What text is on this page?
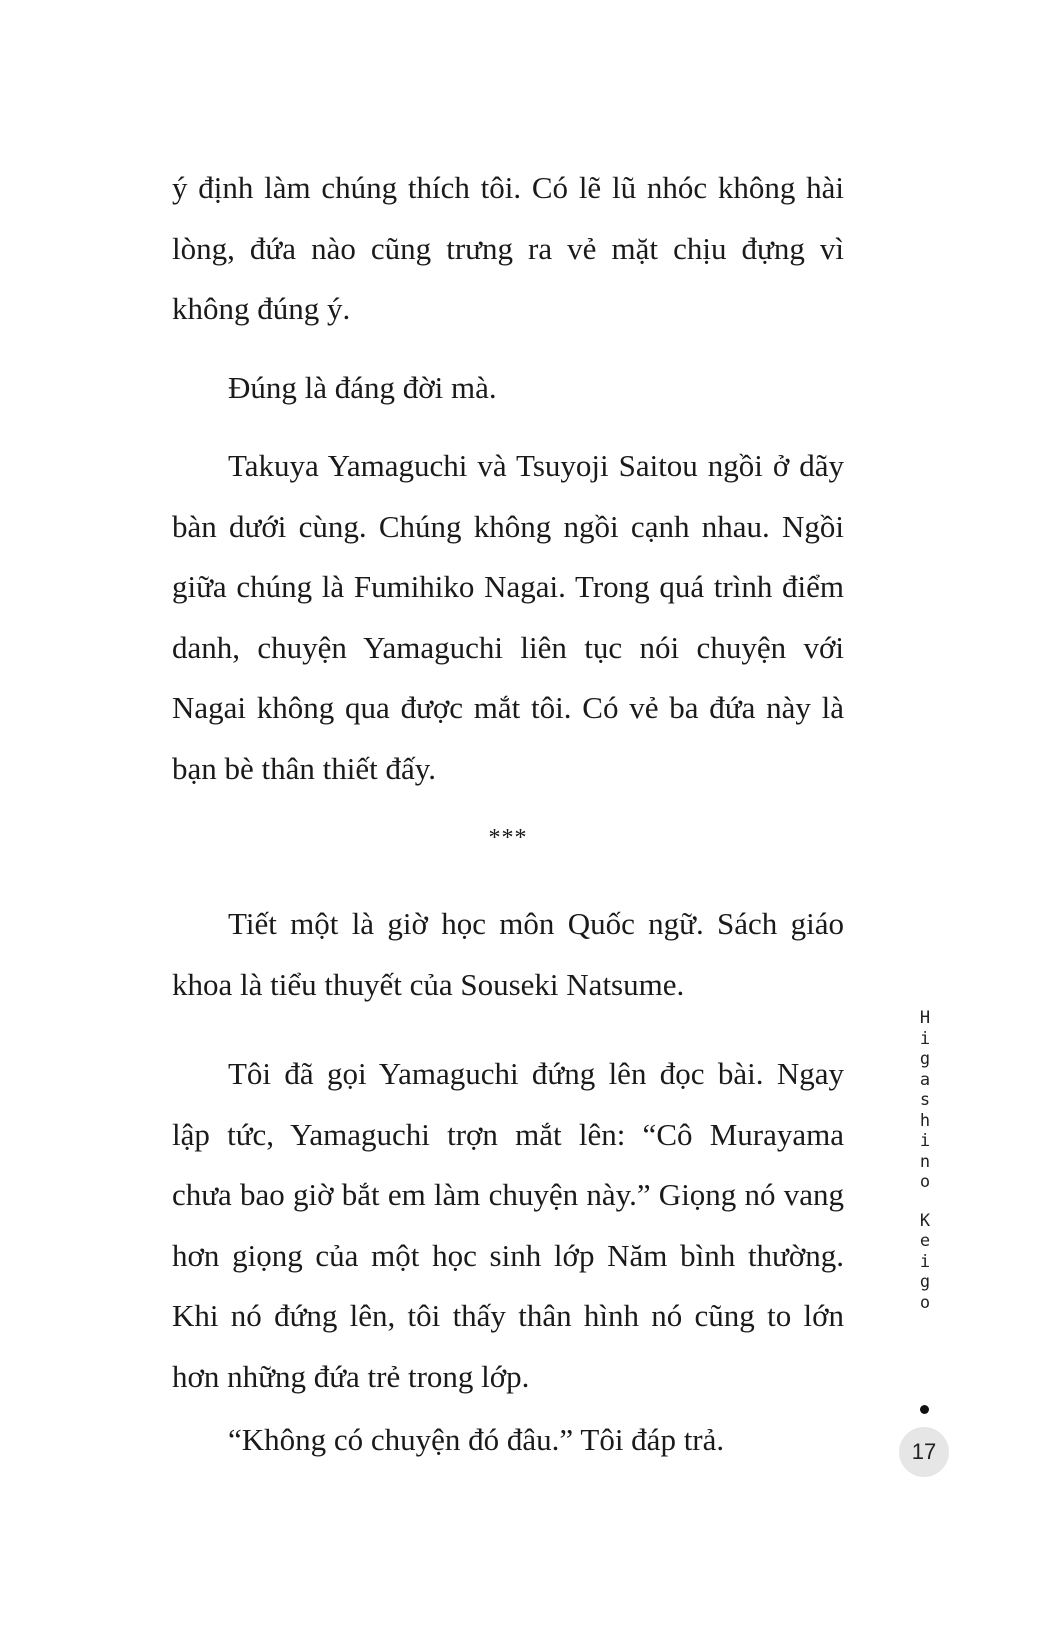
ý định làm chúng thích tôi. Có lẽ lũ nhóc không hài lòng, đứa nào cũng trưng ra vẻ mặt chịu đựng vì không đúng ý.

Đúng là đáng đời mà.

Takuya Yamaguchi và Tsuyoji Saitou ngồi ở dãy bàn dưới cùng. Chúng không ngồi cạnh nhau. Ngồi giữa chúng là Fumihiko Nagai. Trong quá trình điểm danh, chuyện Yamaguchi liên tục nói chuyện với Nagai không qua được mắt tôi. Có vẻ ba đứa này là bạn bè thân thiết đấy.

***

Tiết một là giờ học môn Quốc ngữ. Sách giáo khoa là tiểu thuyết của Souseki Natsume.

Tôi đã gọi Yamaguchi đứng lên đọc bài. Ngay lập tức, Yamaguchi trợn mắt lên: “Cô Murayama chưa bao giờ bắt em làm chuyện này.” Giọng nó vang hơn giọng của một học sinh lớp Năm bình thường. Khi nó đứng lên, tôi thấy thân hình nó cũng to lớn hơn những đứa trẻ trong lớp.

“Không có chuyện đó đâu.” Tôi đáp trả.

H
i
g
a
s
h
i
n
o
K
e
i
g
o
17
